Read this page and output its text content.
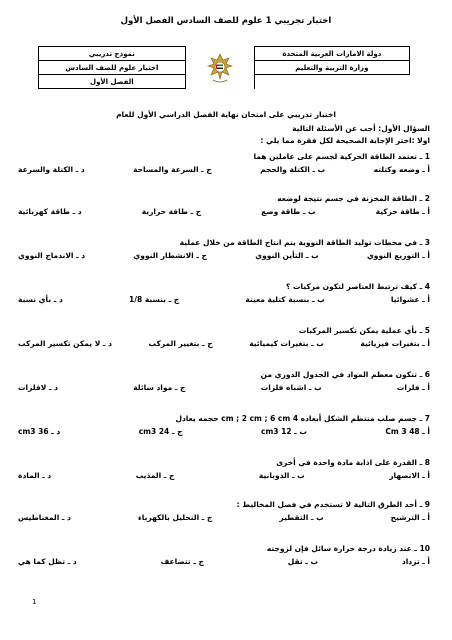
اختبار تجريبي 1 علوم للصف السادس الفصل الأول
دولة الامارات العربية المتحدة		نموذج تدريبي
وزارة التربية والتعليم		اختبار علوم للصف السادس
		الفصل الأول
اختبار تدريبي على امتحان نهاية الفصل الدراسي الأول للعام
السؤال الأول: أجب عن الأسئلة التالية
اولا :اختر الإجابة الصحيحة لكل فقرة مما يلي :
1 ـ تعتمد الطاقة الحركية لجسم على عاملين هما
أ ـ وضعه وكتلته
ب ـ الكتلة والحجم
ج ـ السرعة والمساحة
د ـ الكتلة والسرعة
2 ـ الطاقة المخزنة في جسم نتيجة لوضعه
أ ـ طاقة حركية
ب ـ طاقة وضع
ج ـ طاقة حرارية
د ـ طاقة كهربائية
3 ـ في محطات توليد الطاقة النووية يتم انتاج الطاقة من خلال عملية
أ ـ التوزيع النووي
ب ـ التأين النووي
ج ـ الانشطار النووي
د ـ الاندماج النووي
4 ـ كيف ترتبط العناصر لتكون مركبات ؟
أ ـ عشوائيا
ب ـ بنسبة كتلية معينة
ج ـ بنسبة 1/8
د ـ بأي نسبة
5 ـ بأي عملية يمكن تكسير المركبات
أ ـ بتغيرات فيزيائية
ب ـ بتغيرات كيميائية
ج ـ بتغيير المركب
د ـ لا يمكن تكسير المركب
6 ـ تتكون معظم المواد في الجدول الدوري من
أ ـ فلزات
ب ـ اشباه فلزات
ج ـ مواد سائلة
د ـ لافلزات
7 ـ جسم صلب منتظم الشكل أبعاده 4 cm ; 2 cm ; 6 cm حجمه يعادل
أ ـ 48 Cm 3
ب ـ 12 cm3
ج ـ 24 cm3
د ـ 36 cm3
8 ـ القدرة على اذابة مادة واحدة في أخرى
أ ـ الانصهار
ب ـ الذوبانية
ج ـ المذيب
د ـ المادة
9 ـ أحد الطرق التالية لا تستخدم في فصل المخاليط :
أ ـ الترشيح
ب ـ التقطير
ج ـ التحليل بالكهرباء
د ـ المغناطيس
10 ـ عند زيادة درجة حرارة سائل فإن لزوجته
أ ـ تزداد
ب ـ تقل
ج ـ تتضاعف
د ـ تظل كما هي
1
